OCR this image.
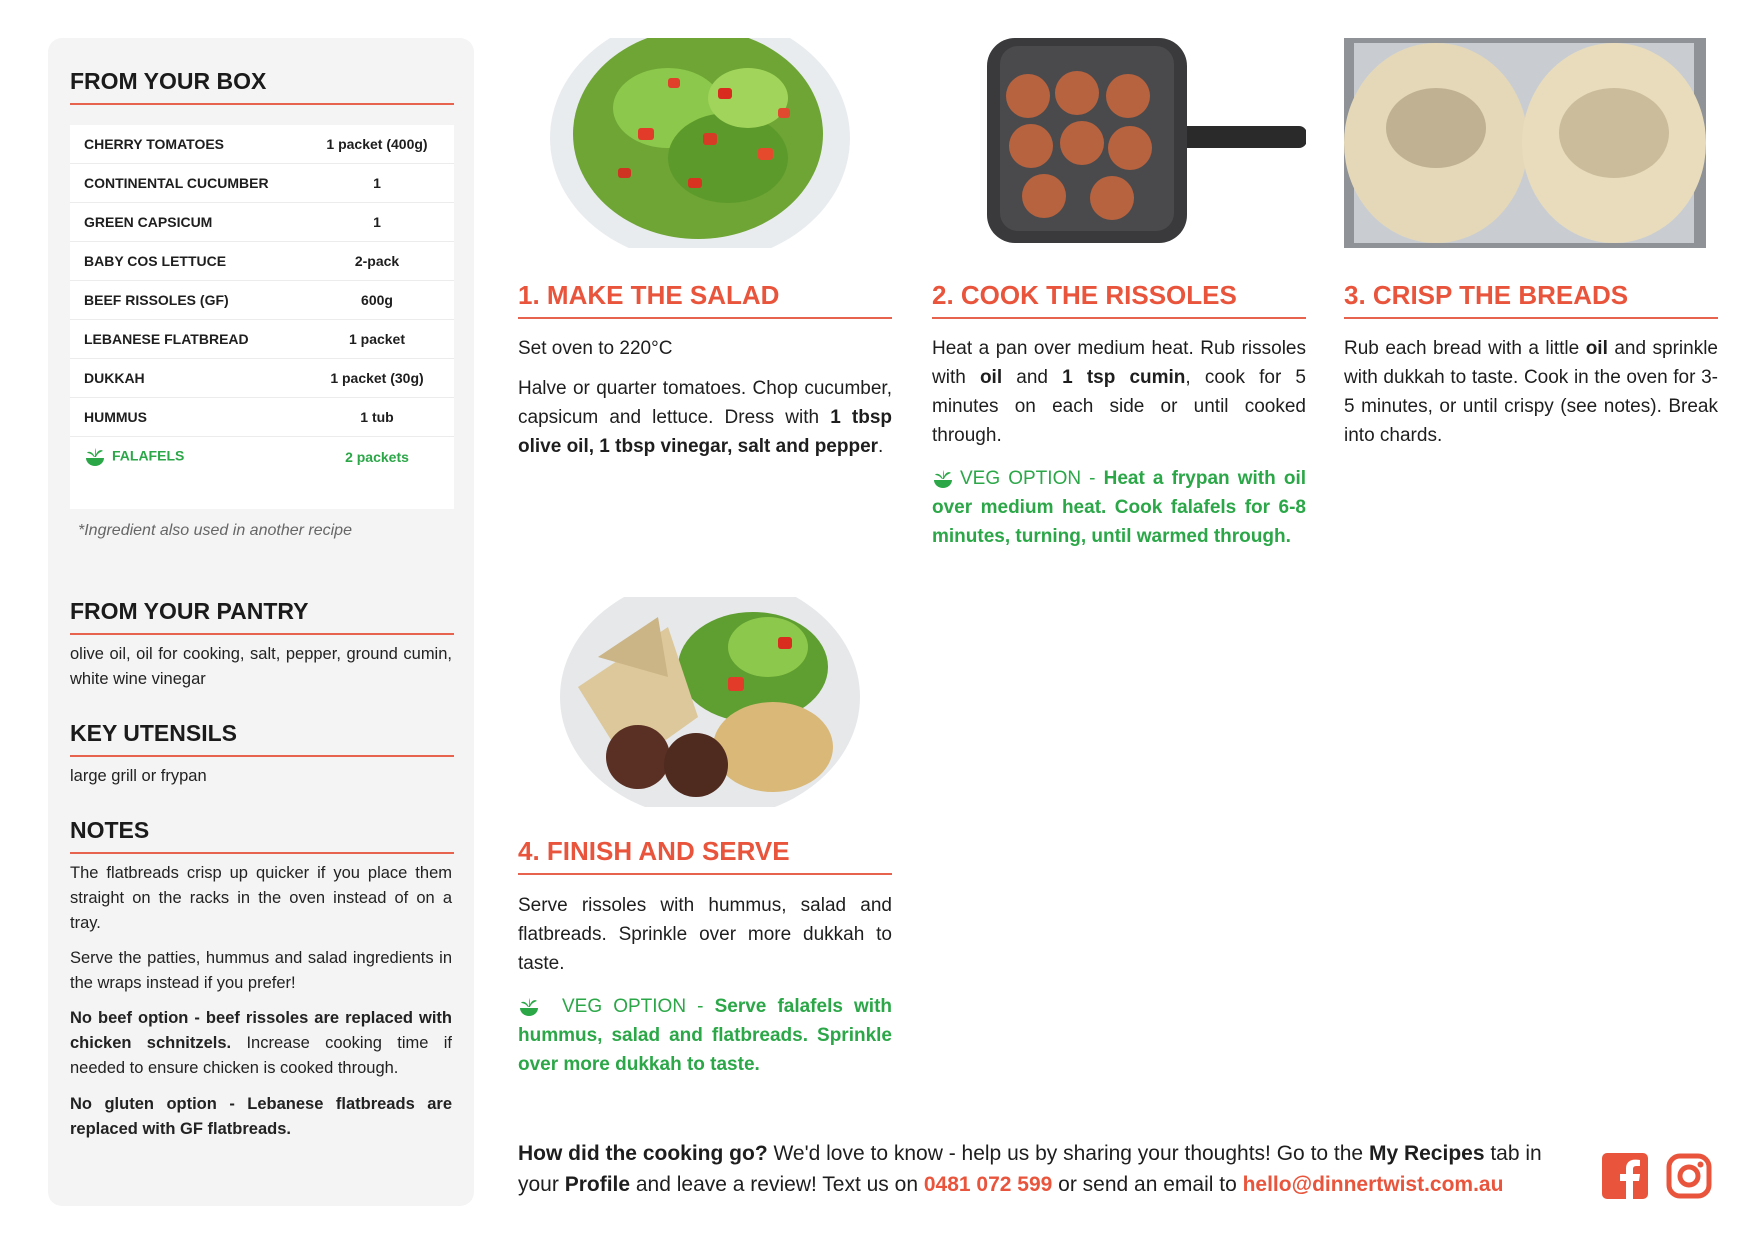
FROM YOUR BOX
CHERRY TOMATOES	1 packet (400g)
CONTINENTAL CUCUMBER	1
GREEN CAPSICUM	1
BABY COS LETTUCE	2-pack
BEEF RISSOLES (GF)	600g
LEBANESE FLATBREAD	1 packet
DUKKAH	1 packet (30g)
HUMMUS	1 tub
FALAFELS	2 packets
*Ingredient also used in another recipe
FROM YOUR PANTRY

olive oil, oil for cooking, salt, pepper, ground cumin, white wine vinegar

KEY UTENSILS

large grill or frypan

NOTES

The flatbreads crisp up quicker if you place them straight on the racks in the oven instead of on a tray.

Serve the patties, hummus and salad ingredients in the wraps instead if you prefer!

No beef option - beef rissoles are replaced with chicken schnitzels. Increase cooking time if needed to ensure chicken is cooked through.

No gluten option - Lebanese flatbreads are replaced with GF flatbreads.

1. MAKE THE SALAD

Set oven to 220°C

Halve or quarter tomatoes. Chop cucumber, capsicum and lettuce. Dress with 1 tbsp olive oil, 1 tbsp vinegar, salt and pepper.

2. COOK THE RISSOLES

Heat a pan over medium heat. Rub rissoles with oil and 1 tsp cumin, cook for 5 minutes on each side or until cooked through.

VEG OPTION - Heat a frypan with oil over medium heat. Cook falafels for 6-8 minutes, turning, until warmed through.

3. CRISP THE BREADS

Rub each bread with a little oil and sprinkle with dukkah to taste. Cook in the oven for 3-5 minutes, or until crispy (see notes). Break into chards.

4. FINISH AND SERVE

Serve rissoles with hummus, salad and flatbreads. Sprinkle over more dukkah to taste.

VEG OPTION - Serve falafels with hummus, salad and flatbreads. Sprinkle over more dukkah to taste.

How did the cooking go? We'd love to know - help us by sharing your thoughts! Go to the My Recipes tab in your Profile and leave a review! Text us on 0481 072 599 or send an email to hello@dinnertwist.com.au
